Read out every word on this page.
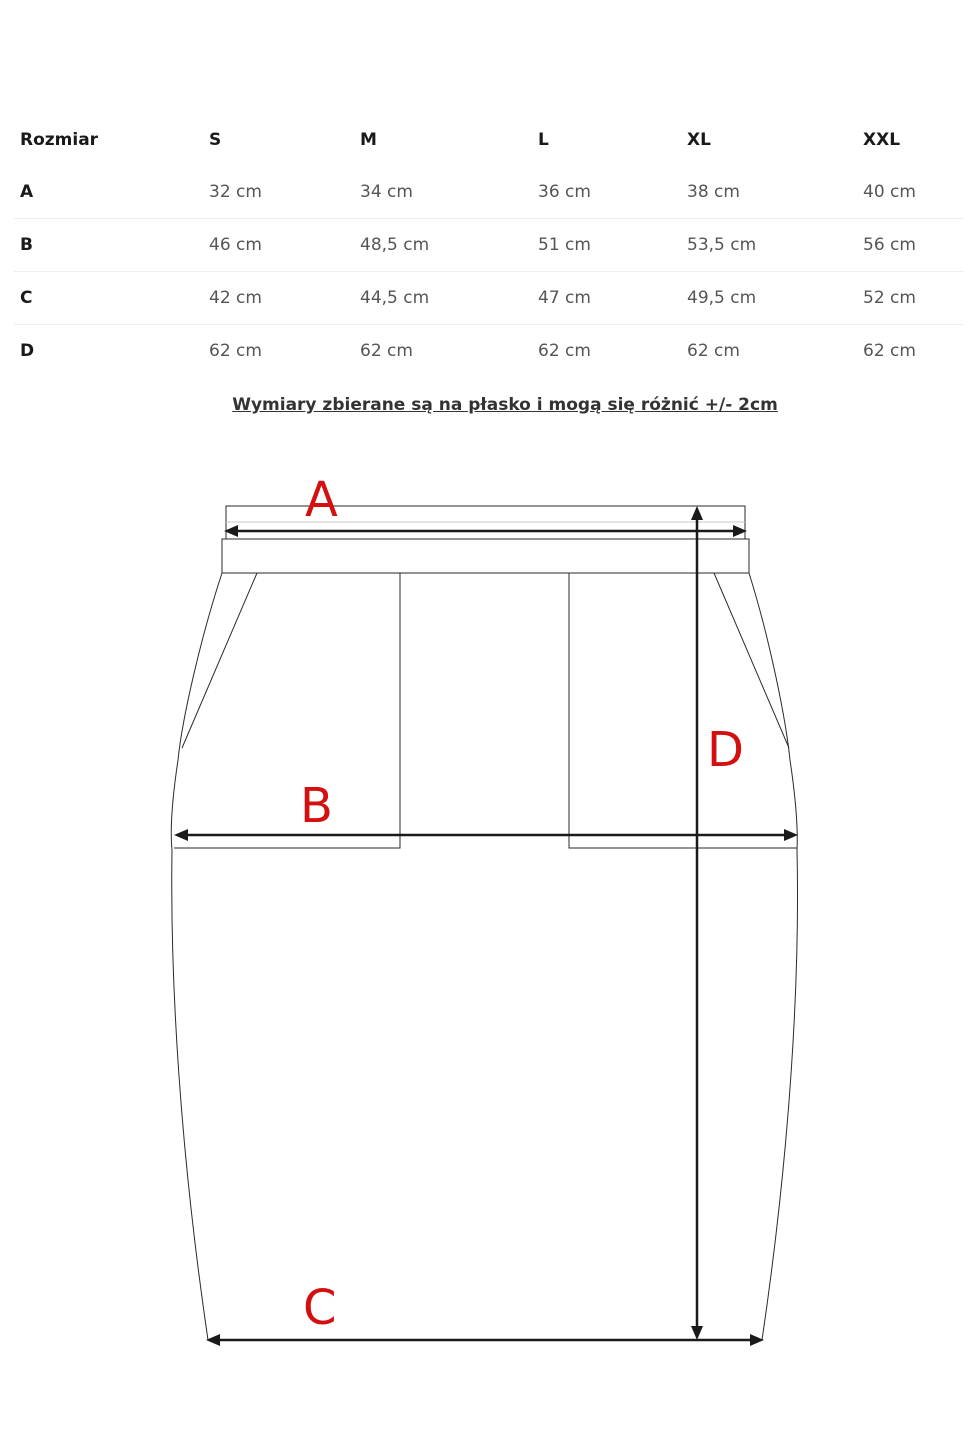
Rozmiar	S	M	L	XL	XXL
A	32 cm	34 cm	36 cm	38 cm	40 cm
B	46 cm	48,5 cm	51 cm	53,5 cm	56 cm
C	42 cm	44,5 cm	47 cm	49,5 cm	52 cm
D	62 cm	62 cm	62 cm	62 cm	62 cm
Wymiary zbierane są na płasko i mogą się różnić +/- 2cm
A
B
C
D
